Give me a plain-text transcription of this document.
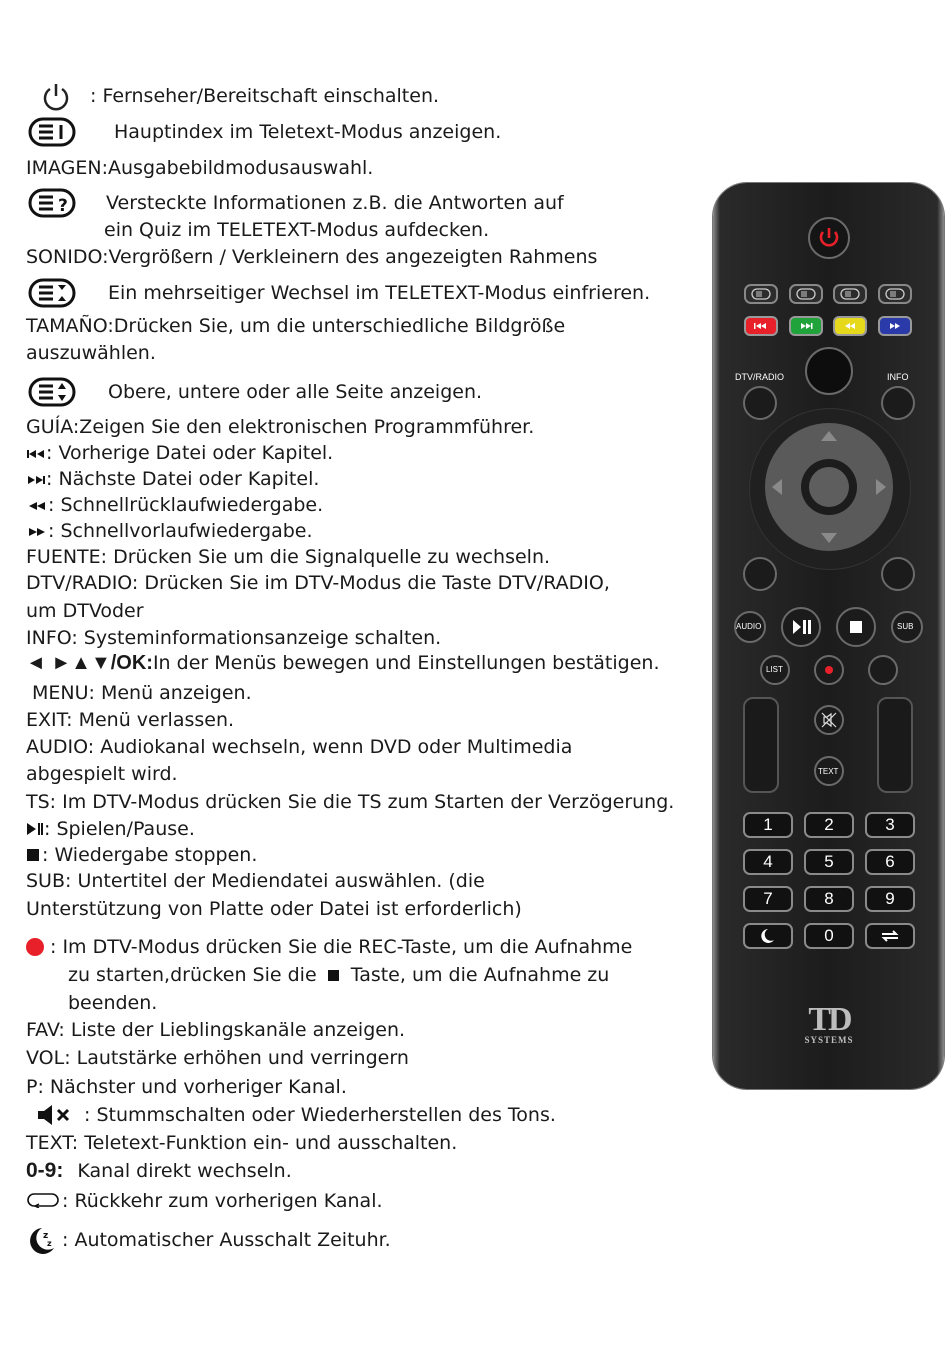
: Fernseher/Bereitschaft einschalten.
Hauptindex im Teletext-Modus anzeigen.
IMAGEN:Ausgabebildmodusauswahl.
? Versteckte Informationen z.B. die Antworten auf
ein Quiz im TELETEXT-Modus aufdecken.
SONIDO:Vergrößern / Verkleinern des angezeigten Rahmens
Ein mehrseitiger Wechsel im TELETEXT-Modus einfrieren.
TAMAÑO:Drücken Sie, um die unterschiedliche Bildgröße
auszuwählen.
Obere, untere oder alle Seite anzeigen.
GUÍA:Zeigen Sie den elektronischen Programmführer.
: Vorherige Datei oder Kapitel.
: Nächste Datei oder Kapitel.
: Schnellrücklaufwiedergabe.
: Schnellvorlaufwiedergabe.
FUENTE: Drücken Sie um die Signalquelle zu wechseln.
DTV/RADIO: Drücken Sie im DTV-Modus die Taste DTV/RADIO,
um DTVoder
INFO: Systeminformationsanzeige schalten.
◄ ►▲▼/OK:In der Menüs bewegen und Einstellungen bestätigen.
MENU: Menü anzeigen.
EXIT: Menü verlassen.
AUDIO: Audiokanal wechseln, wenn DVD oder Multimedia
abgespielt wird.
TS: Im DTV-Modus drücken Sie die TS zum Starten der Verzögerung.
: Spielen/Pause.
: Wiedergabe stoppen.
SUB: Untertitel der Mediendatei auswählen. (die
Unterstützung von Platte oder Datei ist erforderlich)
: Im DTV-Modus drücken Sie die REC-Taste, um die Aufnahme
zu starten,drücken Sie die Taste, um die Aufnahme zu
beenden.
FAV: Liste der Lieblingskanäle anzeigen.
VOL: Lautstärke erhöhen und verringern
P: Nächster und vorheriger Kanal.
: Stummschalten oder Wiederherstellen des Tons.
TEXT: Teletext-Funktion ein- und ausschalten.
0-9: Kanal direkt wechseln.
: Rückkehr zum vorherigen Kanal.
z
z : Automatischer Ausschalt Zeituhr.
DTV/RADIO	INFO
AUDIO	SUB
LIST
TEXT
1	2	3
4	5	6
7	8	9
0
TD
SYSTEMS
